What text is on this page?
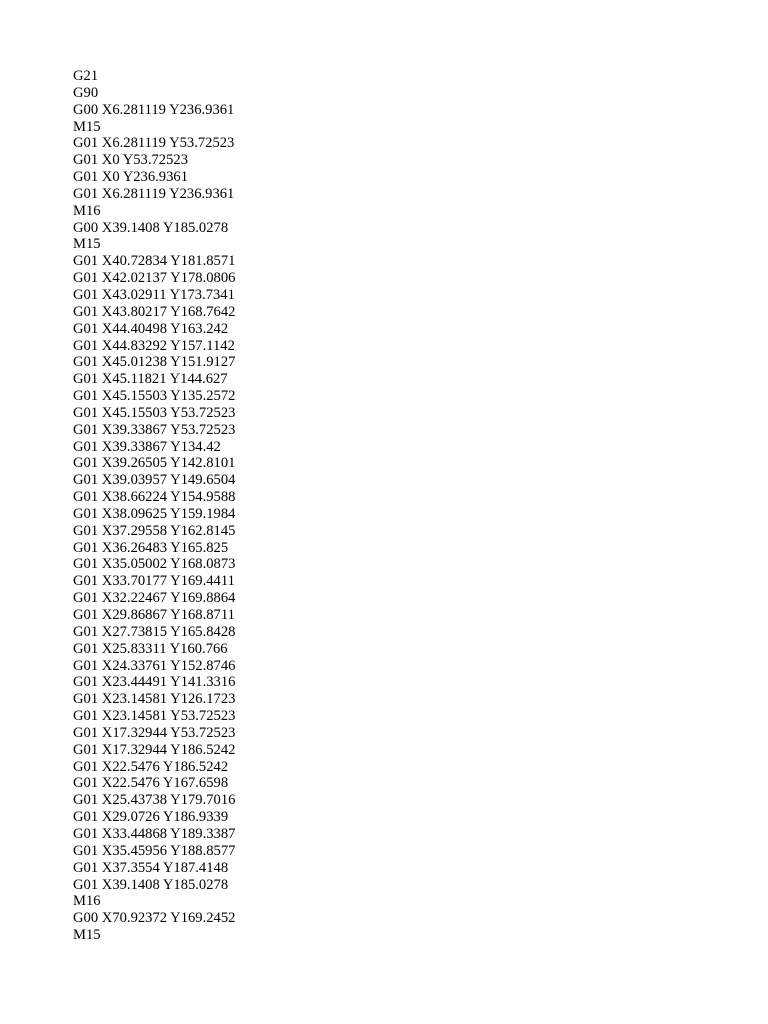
G21
G90
G00 X6.281119 Y236.9361
M15
G01 X6.281119 Y53.72523
G01 X0 Y53.72523
G01 X0 Y236.9361
G01 X6.281119 Y236.9361
M16
G00 X39.1408 Y185.0278
M15
G01 X40.72834 Y181.8571
G01 X42.02137 Y178.0806
G01 X43.02911 Y173.7341
G01 X43.80217 Y168.7642
G01 X44.40498 Y163.242
G01 X44.83292 Y157.1142
G01 X45.01238 Y151.9127
G01 X45.11821 Y144.627
G01 X45.15503 Y135.2572
G01 X45.15503 Y53.72523
G01 X39.33867 Y53.72523
G01 X39.33867 Y134.42
G01 X39.26505 Y142.8101
G01 X39.03957 Y149.6504
G01 X38.66224 Y154.9588
G01 X38.09625 Y159.1984
G01 X37.29558 Y162.8145
G01 X36.26483 Y165.825
G01 X35.05002 Y168.0873
G01 X33.70177 Y169.4411
G01 X32.22467 Y169.8864
G01 X29.86867 Y168.8711
G01 X27.73815 Y165.8428
G01 X25.83311 Y160.766
G01 X24.33761 Y152.8746
G01 X23.44491 Y141.3316
G01 X23.14581 Y126.1723
G01 X23.14581 Y53.72523
G01 X17.32944 Y53.72523
G01 X17.32944 Y186.5242
G01 X22.5476 Y186.5242
G01 X22.5476 Y167.6598
G01 X25.43738 Y179.7016
G01 X29.0726 Y186.9339
G01 X33.44868 Y189.3387
G01 X35.45956 Y188.8577
G01 X37.3554 Y187.4148
G01 X39.1408 Y185.0278
M16
G00 X70.92372 Y169.2452
M15
